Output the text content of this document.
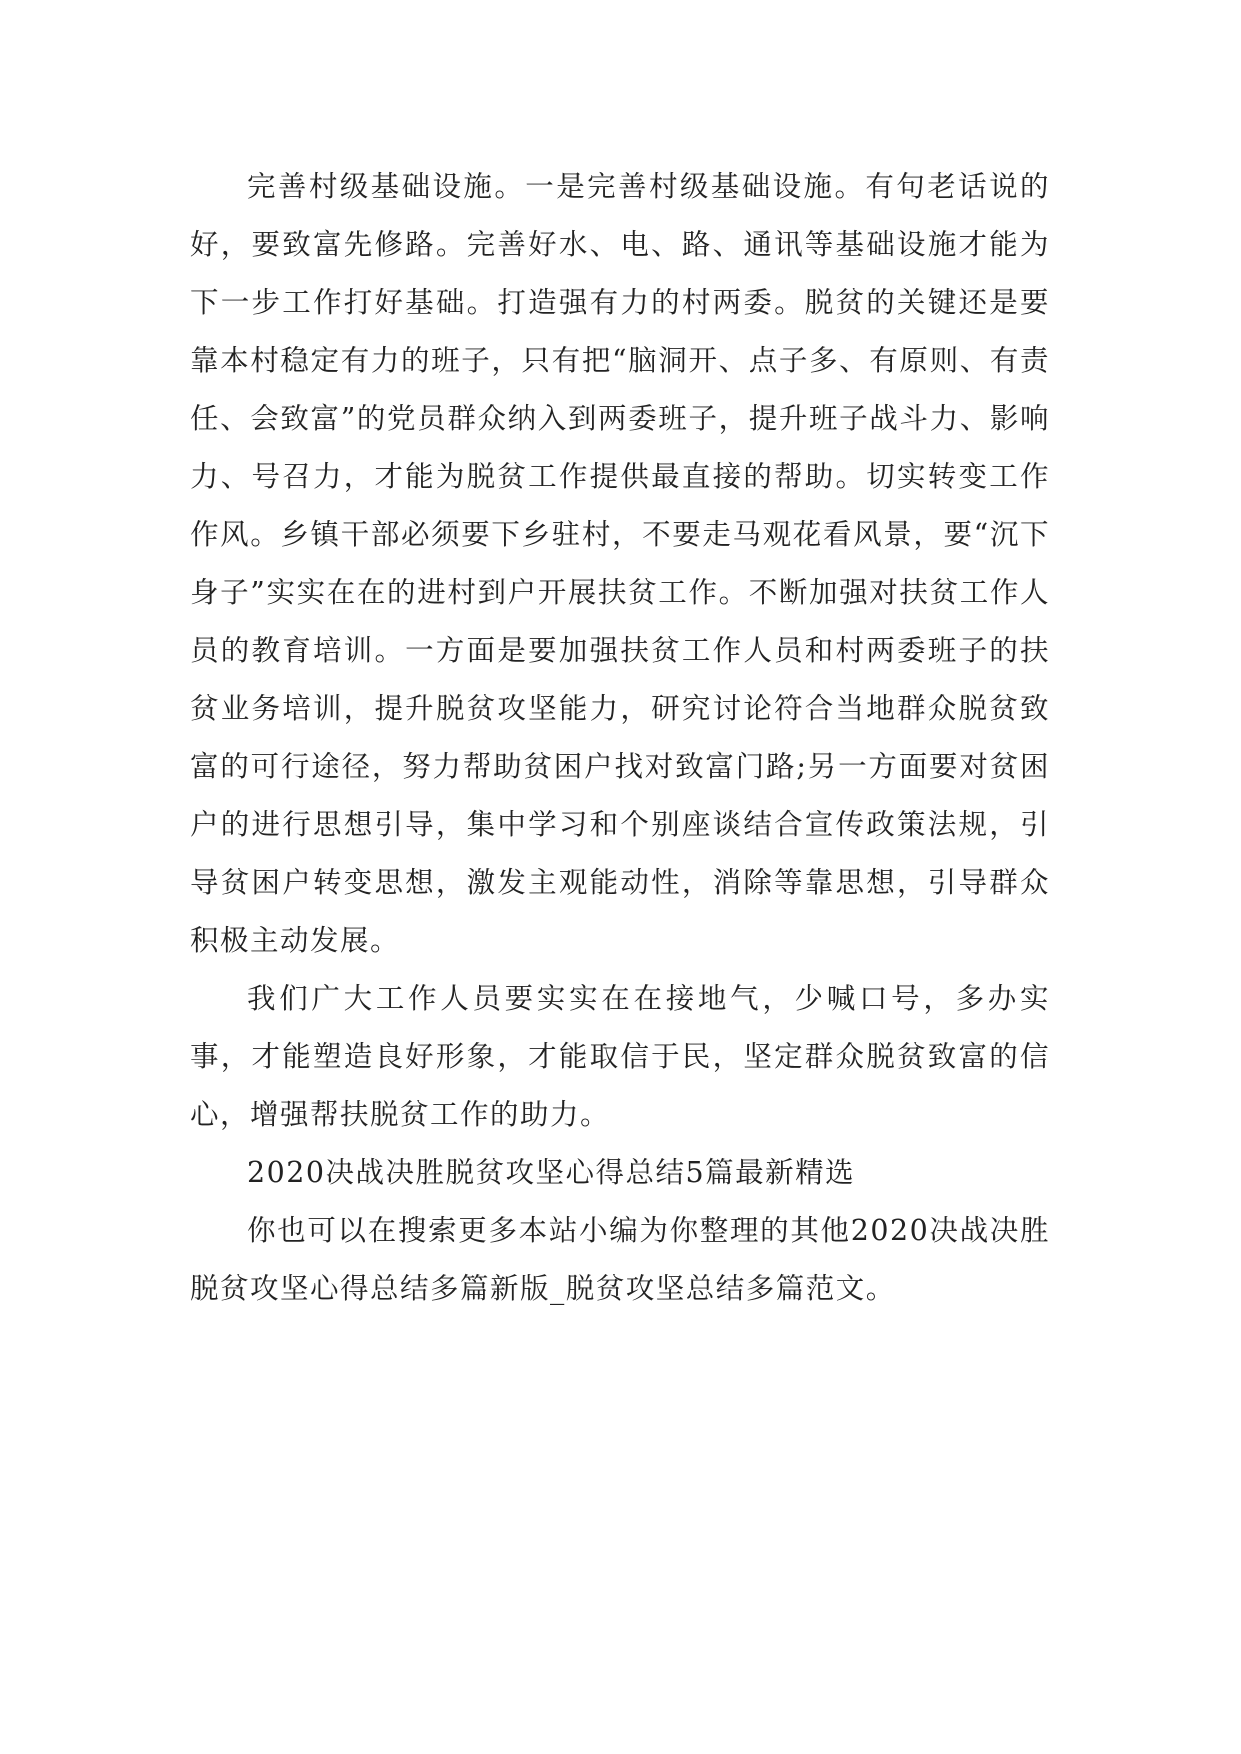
完善村级基础设施。一是完善村级基础设施。有句老话说的好，要致富先修路。完善好水、电、路、通讯等基础设施才能为下一步工作打好基础。打造强有力的村两委。脱贫的关键还是要靠本村稳定有力的班子，只有把“脑洞开、点子多、有原则、有责任、会致富”的党员群众纳入到两委班子，提升班子战斗力、影响力、号召力，才能为脱贫工作提供最直接的帮助。切实转变工作作风。乡镇干部必须要下乡驻村，不要走马观花看风景，要“沉下身子”实实在在的进村到户开展扶贫工作。不断加强对扶贫工作人员的教育培训。一方面是要加强扶贫工作人员和村两委班子的扶贫业务培训，提升脱贫攻坚能力，研究讨论符合当地群众脱贫致富的可行途径，努力帮助贫困户找对致富门路;另一方面要对贫困户的进行思想引导，集中学习和个别座谈结合宣传政策法规，引导贫困户转变思想，激发主观能动性，消除等靠思想，引导群众积极主动发展。

我们广大工作人员要实实在在接地气，少喊口号，多办实事，才能塑造良好形象，才能取信于民，坚定群众脱贫致富的信心，增强帮扶脱贫工作的助力。

2020决战决胜脱贫攻坚心得总结5篇最新精选

你也可以在搜索更多本站小编为你整理的其他2020决战决胜脱贫攻坚心得总结多篇新版_脱贫攻坚总结多篇范文。
